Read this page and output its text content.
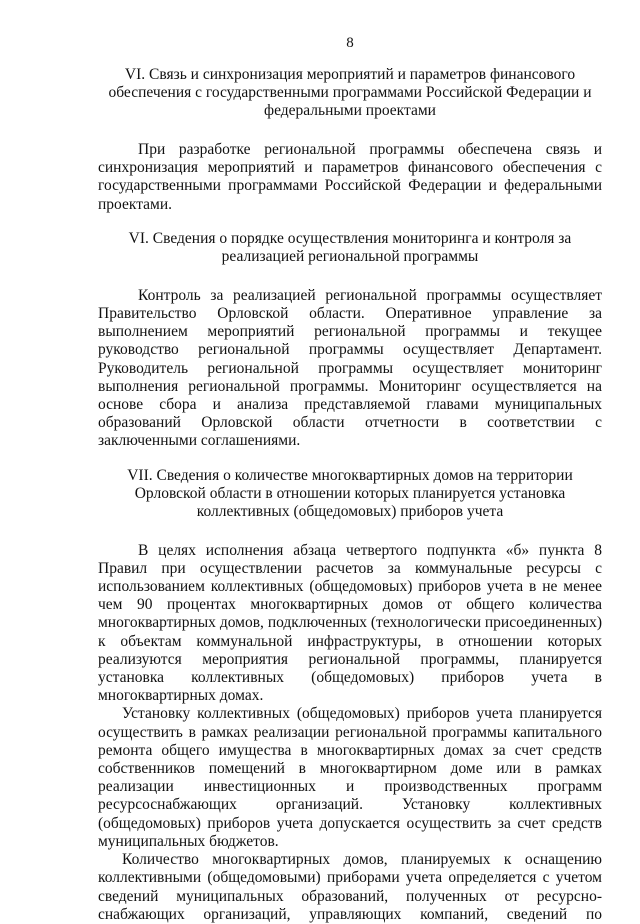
8

VI. Связь и синхронизация мероприятий и параметров финансового обеспечения с государственными программами Российской Федерации и федеральными проектами

При разработке региональной программы обеспечена связь и синхронизация мероприятий и параметров финансового обеспечения с государственными программами Российской Федерации и федеральными проектами.

VI. Сведения о порядке осуществления мониторинга и контроля за реализацией региональной программы

Контроль за реализацией региональной программы осуществляет Правительство Орловской области. Оперативное управление за выполнением мероприятий региональной программы и текущее руководство региональной программы осуществляет Департамент. Руководитель региональной программы осуществляет мониторинг выполнения региональной программы. Мониторинг осуществляется на основе сбора и анализа представляемой главами муниципальных образований Орловской области отчетности в соответствии с заключенными соглашениями.

VII. Сведения о количестве многоквартирных домов на территории Орловской области в отношении которых планируется установка коллективных (общедомовых) приборов учета

В целях исполнения абзаца четвертого подпункта «б» пункта 8 Правил при осуществлении расчетов за коммунальные ресурсы с использованием коллективных (общедомовых) приборов учета в не менее чем 90 процентах многоквартирных домов от общего количества многоквартирных домов, подключенных (технологически присоединенных) к объектам коммунальной инфраструктуры, в отношении которых реализуются мероприятия региональной программы, планируется установка коллективных (общедомовых) приборов учета в многоквартирных домах.

Установку коллективных (общедомовых) приборов учета планируется осуществить в рамках реализации региональной программы капитального ремонта общего имущества в многоквартирных домах за счет средств собственников помещений в многоквартирном доме или в рамках реализации инвестиционных и производственных программ ресурсоснабжающих организаций. Установку коллективных (общедомовых) приборов учета допускается осуществить за счет средств муниципальных бюджетов.

Количество многоквартирных домов, планируемых к оснащению коллективными (общедомовыми) приборами учета определяется с учетом сведений муниципальных образований, полученных от ресурсно-снабжающих организаций, управляющих компаний, сведений по
